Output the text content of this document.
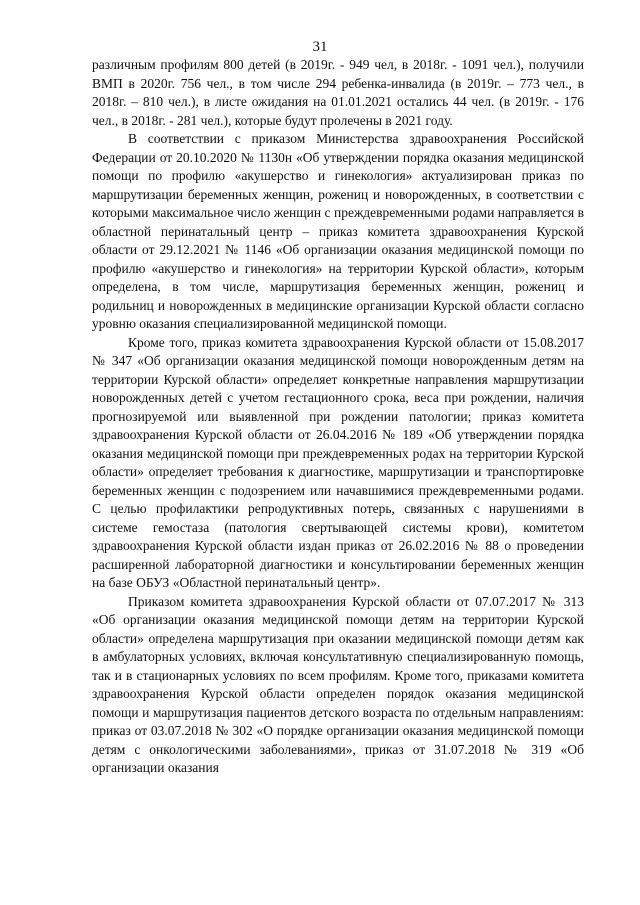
31

различным профилям 800 детей (в 2019г. - 949 чел, в 2018г. - 1091 чел.), получили ВМП в 2020г. 756 чел., в том числе 294 ребенка-инвалида (в 2019г. – 773 чел., в 2018г. – 810 чел.), в листе ожидания на 01.01.2021 остались 44 чел. (в 2019г. - 176 чел., в 2018г. - 281 чел.), которые будут пролечены в 2021 году.

В соответствии с приказом Министерства здравоохранения Российской Федерации от 20.10.2020 № 1130н «Об утверждении порядка оказания медицинской помощи по профилю «акушерство и гинекология» актуализирован приказ по маршрутизации беременных женщин, рожениц и новорожденных, в соответствии с которыми максимальное число женщин с преждевременными родами направляется в областной перинатальный центр – приказ комитета здравоохранения Курской области от 29.12.2021 № 1146 «Об организации оказания медицинской помощи по профилю «акушерство и гинекология» на территории Курской области», которым определена, в том числе, маршрутизация беременных женщин, рожениц и родильниц и новорожденных в медицинские организации Курской области согласно уровню оказания специализированной медицинской помощи.

Кроме того, приказ комитета здравоохранения Курской области от 15.08.2017 № 347 «Об организации оказания медицинской помощи новорожденным детям на территории Курской области» определяет конкретные направления маршрутизации новорожденных детей с учетом гестационного срока, веса при рождении, наличия прогнозируемой или выявленной при рождении патологии; приказ комитета здравоохранения Курской области от 26.04.2016 № 189 «Об утверждении порядка оказания медицинской помощи при преждевременных родах на территории Курской области» определяет требования к диагностике, маршрутизации и транспортировке беременных женщин с подозрением или начавшимися преждевременными родами. С целью профилактики репродуктивных потерь, связанных с нарушениями в системе гемостаза (патология свертывающей системы крови), комитетом здравоохранения Курской области издан приказ от 26.02.2016 № 88 о проведении расширенной лабораторной диагностики и консультировании беременных женщин на базе ОБУЗ «Областной перинатальный центр».

Приказом комитета здравоохранения Курской области от 07.07.2017 № 313 «Об организации оказания медицинской помощи детям на территории Курской области» определена маршрутизация при оказании медицинской помощи детям как в амбулаторных условиях, включая консультативную специализированную помощь, так и в стационарных условиях по всем профилям. Кроме того, приказами комитета здравоохранения Курской области определен порядок оказания медицинской помощи и маршрутизация пациентов детского возраста по отдельным направлениям: приказ от 03.07.2018 № 302 «О порядке организации оказания медицинской помощи детям с онкологическими заболеваниями», приказ от 31.07.2018 № 319 «Об организации оказания
